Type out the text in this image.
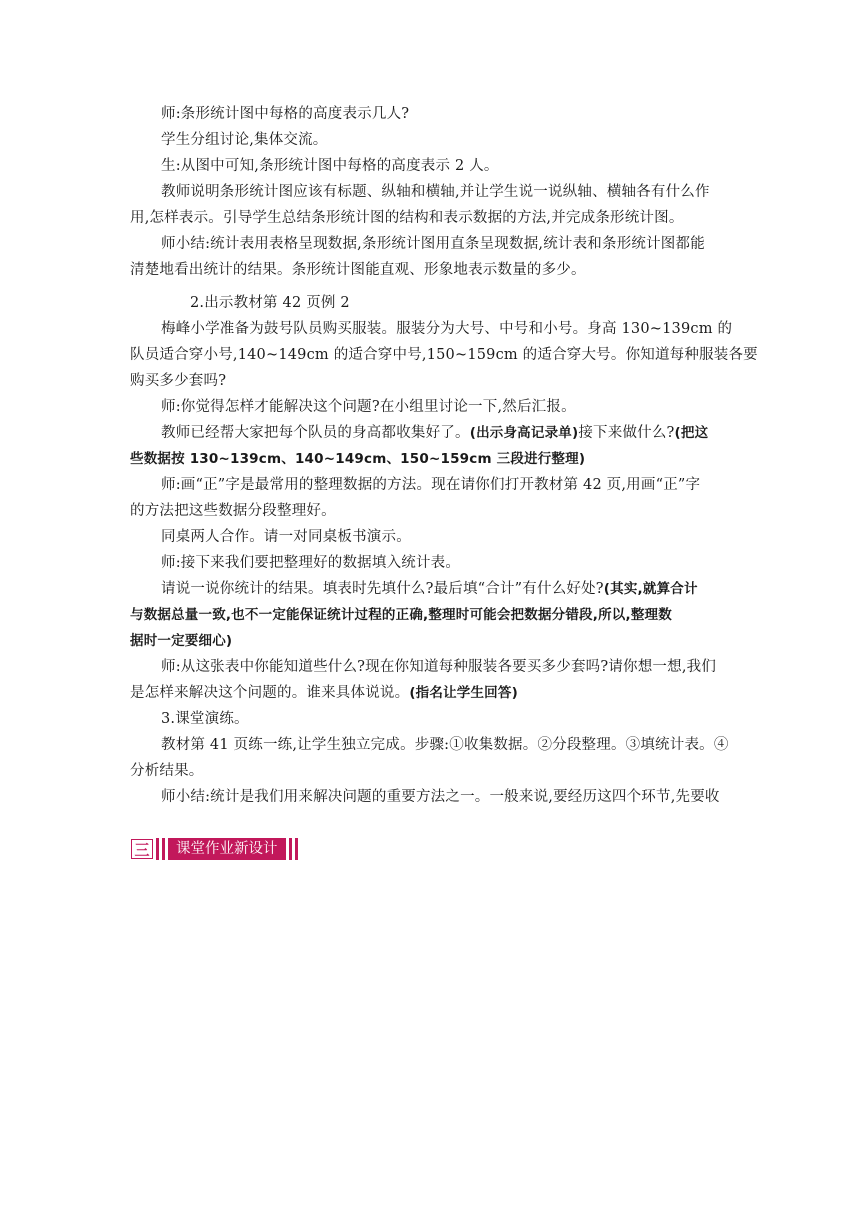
师:条形统计图中每格的高度表示几人?
学生分组讨论,集体交流。
生:从图中可知,条形统计图中每格的高度表示 2 人。
教师说明条形统计图应该有标题、纵轴和横轴,并让学生说一说纵轴、横轴各有什么作
用,怎样表示。引导学生总结条形统计图的结构和表示数据的方法,并完成条形统计图。
师小结:统计表用表格呈现数据,条形统计图用直条呈现数据,统计表和条形统计图都能
清楚地看出统计的结果。条形统计图能直观、形象地表示数量的多少。
2.出示教材第 42 页例 2
梅峰小学准备为鼓号队员购买服装。服装分为大号、中号和小号。身高 130~139cm 的
队员适合穿小号,140~149cm 的适合穿中号,150~159cm 的适合穿大号。你知道每种服装各要
购买多少套吗?
师:你觉得怎样才能解决这个问题?在小组里讨论一下,然后汇报。
教师已经帮大家把每个队员的身高都收集好了。(出示身高记录单)接下来做什么?(把这
些数据按 130~139cm、140~149cm、150~159cm 三段进行整理)
师:画“正”字是最常用的整理数据的方法。现在请你们打开教材第 42 页,用画“正”字
的方法把这些数据分段整理好。
同桌两人合作。请一对同桌板书演示。
师:接下来我们要把整理好的数据填入统计表。
请说一说你统计的结果。填表时先填什么?最后填“合计”有什么好处?(其实,就算合计
与数据总量一致,也不一定能保证统计过程的正确,整理时可能会把数据分错段,所以,整理数
据时一定要细心)
师:从这张表中你能知道些什么?现在你知道每种服装各要买多少套吗?请你想一想,我们
是怎样来解决这个问题的。谁来具体说说。(指名让学生回答)
3.课堂演练。
教材第 41 页练一练,让学生独立完成。步骤:①收集数据。②分段整理。③填统计表。④
分析结果。
师小结:统计是我们用来解决问题的重要方法之一。一般来说,要经历这四个环节,先要收
三	课堂作业新设计
